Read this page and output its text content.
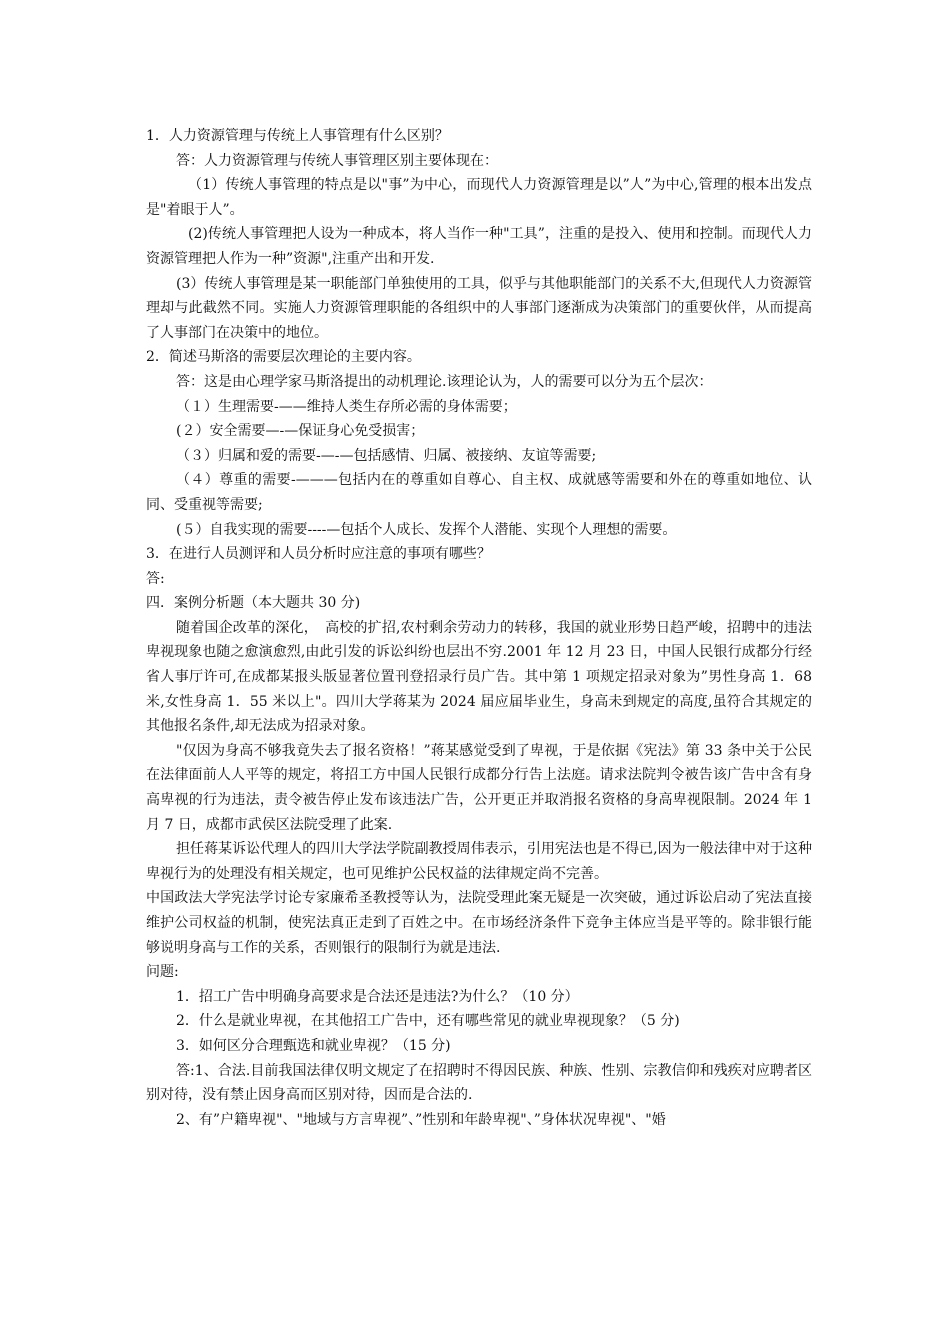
1．人力资源管理与传统上人事管理有什么区别？

答：人力资源管理与传统人事管理区别主要体现在：

（1）传统人事管理的特点是以"事”为中心，而现代人力资源管理是以”人”为中心,管理的根本出发点是"着眼于人”。

(2)传统人事管理把人设为一种成本，将人当作一种"工具”，注重的是投入、使用和控制。而现代人力资源管理把人作为一种”资源",注重产出和开发.

(3）传统人事管理是某一职能部门单独使用的工具，似乎与其他职能部门的关系不大,但现代人力资源管理却与此截然不同。实施人力资源管理职能的各组织中的人事部门逐渐成为决策部门的重要伙伴，从而提高了人事部门在决策中的地位。

2．简述马斯洛的需要层次理论的主要内容。

答：这是由心理学家马斯洛提出的动机理论.该理论认为，人的需要可以分为五个层次：

（１）生理需要-——维持人类生存所必需的身体需要；

(２）安全需要—-—保证身心免受损害；

（３）归属和爱的需要-—-—包括感情、归属、被接纳、友谊等需要;

（４）尊重的需要-———包括内在的尊重如自尊心、自主权、成就感等需要和外在的尊重如地位、认同、受重视等需要;

(５）自我实现的需要----—包括个人成长、发挥个人潜能、实现个人理想的需要。

3．在进行人员测评和人员分析时应注意的事项有哪些？

答:

四．案例分析题（本大题共 30 分)

随着国企改革的深化，　高校的扩招,农村剩余劳动力的转移，我国的就业形势日趋严峻，招聘中的违法卑视现象也随之愈演愈烈,由此引发的诉讼纠纷也层出不穷.2001 年 12 月 23 日，中国人民银行成都分行经省人事厅许可,在成都某报头版显著位置刊登招录行员广告。其中第 1 项规定招录对象为”男性身高 1．68 米,女性身高 1．55 米以上"。四川大学蒋某为 2024 届应届毕业生，身高未到规定的高度,虽符合其规定的其他报名条件,却无法成为招录对象。

"仅因为身高不够我竟失去了报名资格！”蒋某感觉受到了卑视，于是依据《宪法》第 33 条中关于公民在法律面前人人平等的规定，将招工方中国人民银行成都分行告上法庭。请求法院判令被告该广告中含有身高卑视的行为违法，责令被告停止发布该违法广告，公开更正并取消报名资格的身高卑视限制。2024 年 1 月 7 日，成都市武侯区法院受理了此案.

担任蒋某诉讼代理人的四川大学法学院副教授周伟表示，引用宪法也是不得已,因为一般法律中对于这种卑视行为的处理没有相关规定，也可见维护公民权益的法律规定尚不完善。

中国政法大学宪法学讨论专家廉希圣教授等认为，法院受理此案无疑是一次突破，通过诉讼启动了宪法直接维护公司权益的机制，使宪法真正走到了百姓之中。在市场经济条件下竞争主体应当是平等的。除非银行能够说明身高与工作的关系，否则银行的限制行为就是违法.

问题:

1．招工广告中明确身高要求是合法还是违法?为什么？（10 分）

2．什么是就业卑视，在其他招工广告中，还有哪些常见的就业卑视现象？（5 分)

3．如何区分合理甄选和就业卑视？（15 分)

答:1、合法.目前我国法律仅明文规定了在招聘时不得因民族、种族、性别、宗教信仰和残疾对应聘者区别对待，没有禁止因身高而区别对待，因而是合法的.

2、有”户籍卑视"、"地域与方言卑视”、”性别和年龄卑视"、”身体状况卑视"、"婚
